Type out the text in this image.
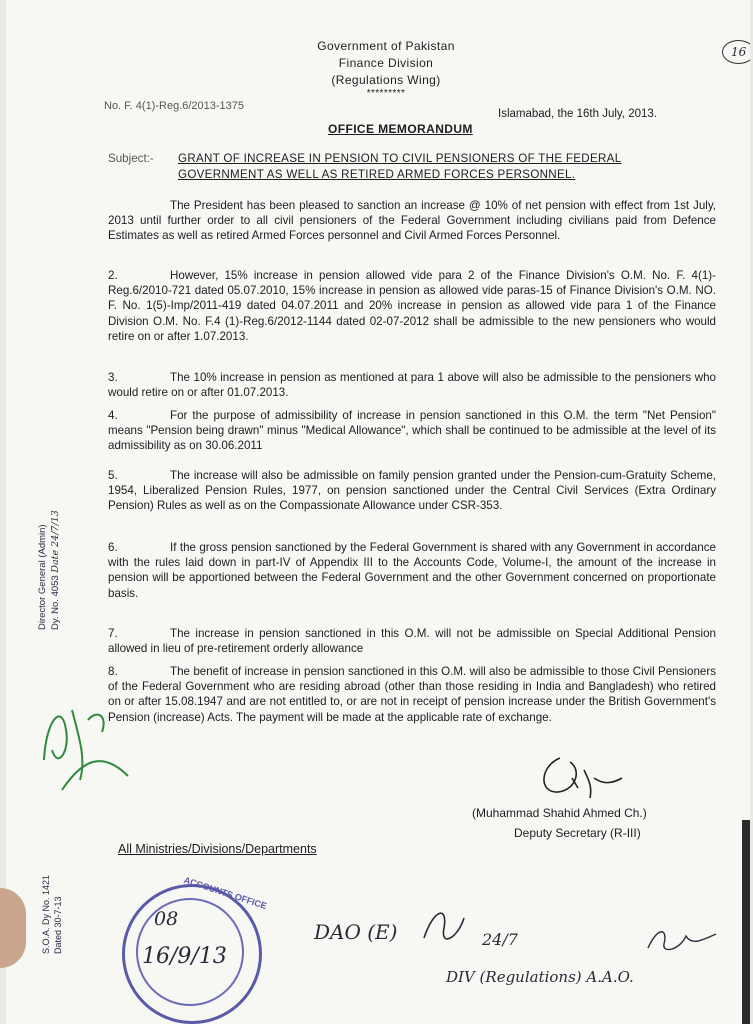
Government of Pakistan
Finance Division
(Regulations Wing)
*********
16
No. F. 4(1)-Reg.6/2013-1375
Islamabad, the 16th July, 2013.
OFFICE MEMORANDUM
Subject:- GRANT OF INCREASE IN PENSION TO CIVIL PENSIONERS OF THE FEDERAL
GOVERNMENT AS WELL AS RETIRED ARMED FORCES PERSONNEL.
The President has been pleased to sanction an increase @ 10% of net pension with effect from 1st July, 2013 until further order to all civil pensioners of the Federal Government including civilians paid from Defence Estimates as well as retired Armed Forces personnel and Civil Armed Forces Personnel.
2.	However, 15% increase in pension allowed vide para 2 of the Finance Division's O.M. No. F. 4(1)-Reg.6/2010-721 dated 05.07.2010, 15% increase in pension as allowed vide paras-15 of Finance Division's O.M. NO. F. No. 1(5)-Imp/2011-419 dated 04.07.2011 and 20% increase in pension as allowed vide para 1 of the Finance Division O.M. No. F.4 (1)-Reg.6/2012-1144 dated 02-07-2012 shall be admissible to the new pensioners who would retire on or after 1.07.2013.
3.	The 10% increase in pension as mentioned at para 1 above will also be admissible to the pensioners who would retire on or after 01.07.2013.
4.	For the purpose of admissibility of increase in pension sanctioned in this O.M. the term "Net Pension" means "Pension being drawn" minus "Medical Allowance", which shall be continued to be admissible at the level of its admissibility as on 30.06.2011
5.	The increase will also be admissible on family pension granted under the Pension-cum-Gratuity Scheme, 1954, Liberalized Pension Rules, 1977, on pension sanctioned under the Central Civil Services (Extra Ordinary Pension) Rules as well as on the Compassionate Allowance under CSR-353.
6.	If the gross pension sanctioned by the Federal Government is shared with any Government in accordance with the rules laid down in part-IV of Appendix III to the Accounts Code, Volume-I, the amount of the increase in pension will be apportioned between the Federal Government and the other Government concerned on proportionate basis.
7.	The increase in pension sanctioned in this O.M. will not be admissible on Special Additional Pension allowed in lieu of pre-retirement orderly allowance
8.	The benefit of increase in pension sanctioned in this O.M. will also be admissible to those Civil Pensioners of the Federal Government who are residing abroad (other than those residing in India and Bangladesh) who retired on or after 15.08.1947 and are not entitled to, or are not in receipt of pension increase under the British Government's Pension (increase) Acts. The payment will be made at the applicable rate of exchange.
(Muhammad Shahid Ahmed Ch.)
Deputy Secretary (R-III)
All Ministries/Divisions/Departments
Director General (Admin) Dy. No. 4053 Date 24/7/13
S.O.A. Dy No. 1421 Dated 30-7-13
ACCOUNTS OFFICE
08
16/9/13
DAO (E)	24/7
DIV (Regulations) A.A.O.
